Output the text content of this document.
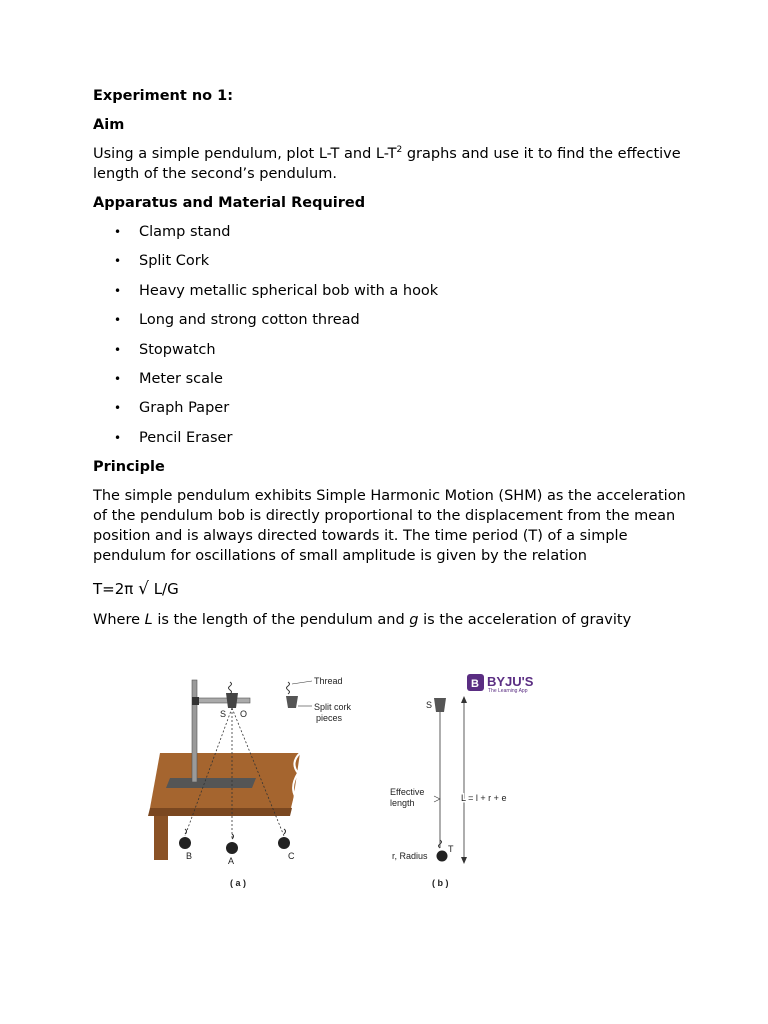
Experiment no 1:

Aim

Using a simple pendulum, plot L-T and $L-T^2$ graphs and use it to find the effective length of the second’s pendulum.

Apparatus and Material Required

• Clamp stand
• Split Cork
• Heavy metallic spherical bob with a hook
• Long and strong cotton thread
• Stopwatch
• Meter scale
• Graph Paper
• Pencil Eraser

Principle

The simple pendulum exhibits Simple Harmonic Motion (SHM) as the acceleration of the pendulum bob is directly proportional to the displacement from the mean position and is always directed towards it. The time period (T) of a simple pendulum for oscillations of small amplitude is given by the relation

T=2π √ L/G

Where L is the length of the pendulum and g is the acceleration of gravity

S O
B	A	C
Thread
Split cork
pieces
( a )
S
T
r, Radius
Effective
length	L = l + r + e
( b )
B BYJU'S
The Learning App
